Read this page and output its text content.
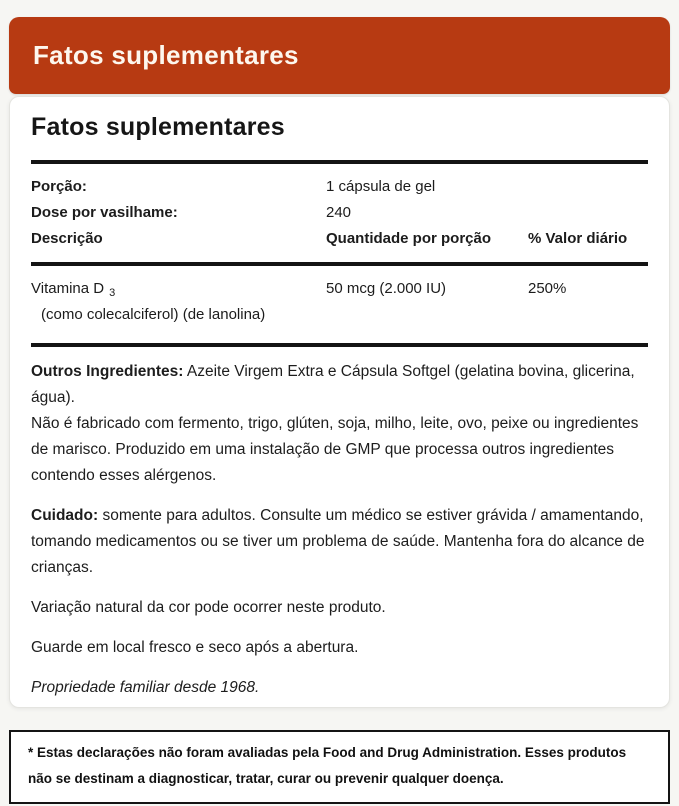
Fatos suplementares
Fatos suplementares
Porção:	1 cápsula de gel
Dose por vasilhame:	240
Descrição	Quantidade por porção	% Valor diário
Vitamina D $_3$	50 mcg (2.000 IU)	250%
(como colecalciferol) (de lanolina)

Outros Ingredientes: Azeite Virgem Extra e Cápsula Softgel (gelatina bovina, glicerina, água).

Não é fabricado com fermento, trigo, glúten, soja, milho, leite, ovo, peixe ou ingredientes de marisco. Produzido em uma instalação de GMP que processa outros ingredientes contendo esses alérgenos.

Cuidado: somente para adultos. Consulte um médico se estiver grávida / amamentando, tomando medicamentos ou se tiver um problema de saúde. Mantenha fora do alcance de crianças.

Variação natural da cor pode ocorrer neste produto.

Guarde em local fresco e seco após a abertura.

Propriedade familiar desde 1968.

* Estas declarações não foram avaliadas pela Food and Drug Administration. Esses produtos não se destinam a diagnosticar, tratar, curar ou prevenir qualquer doença.
